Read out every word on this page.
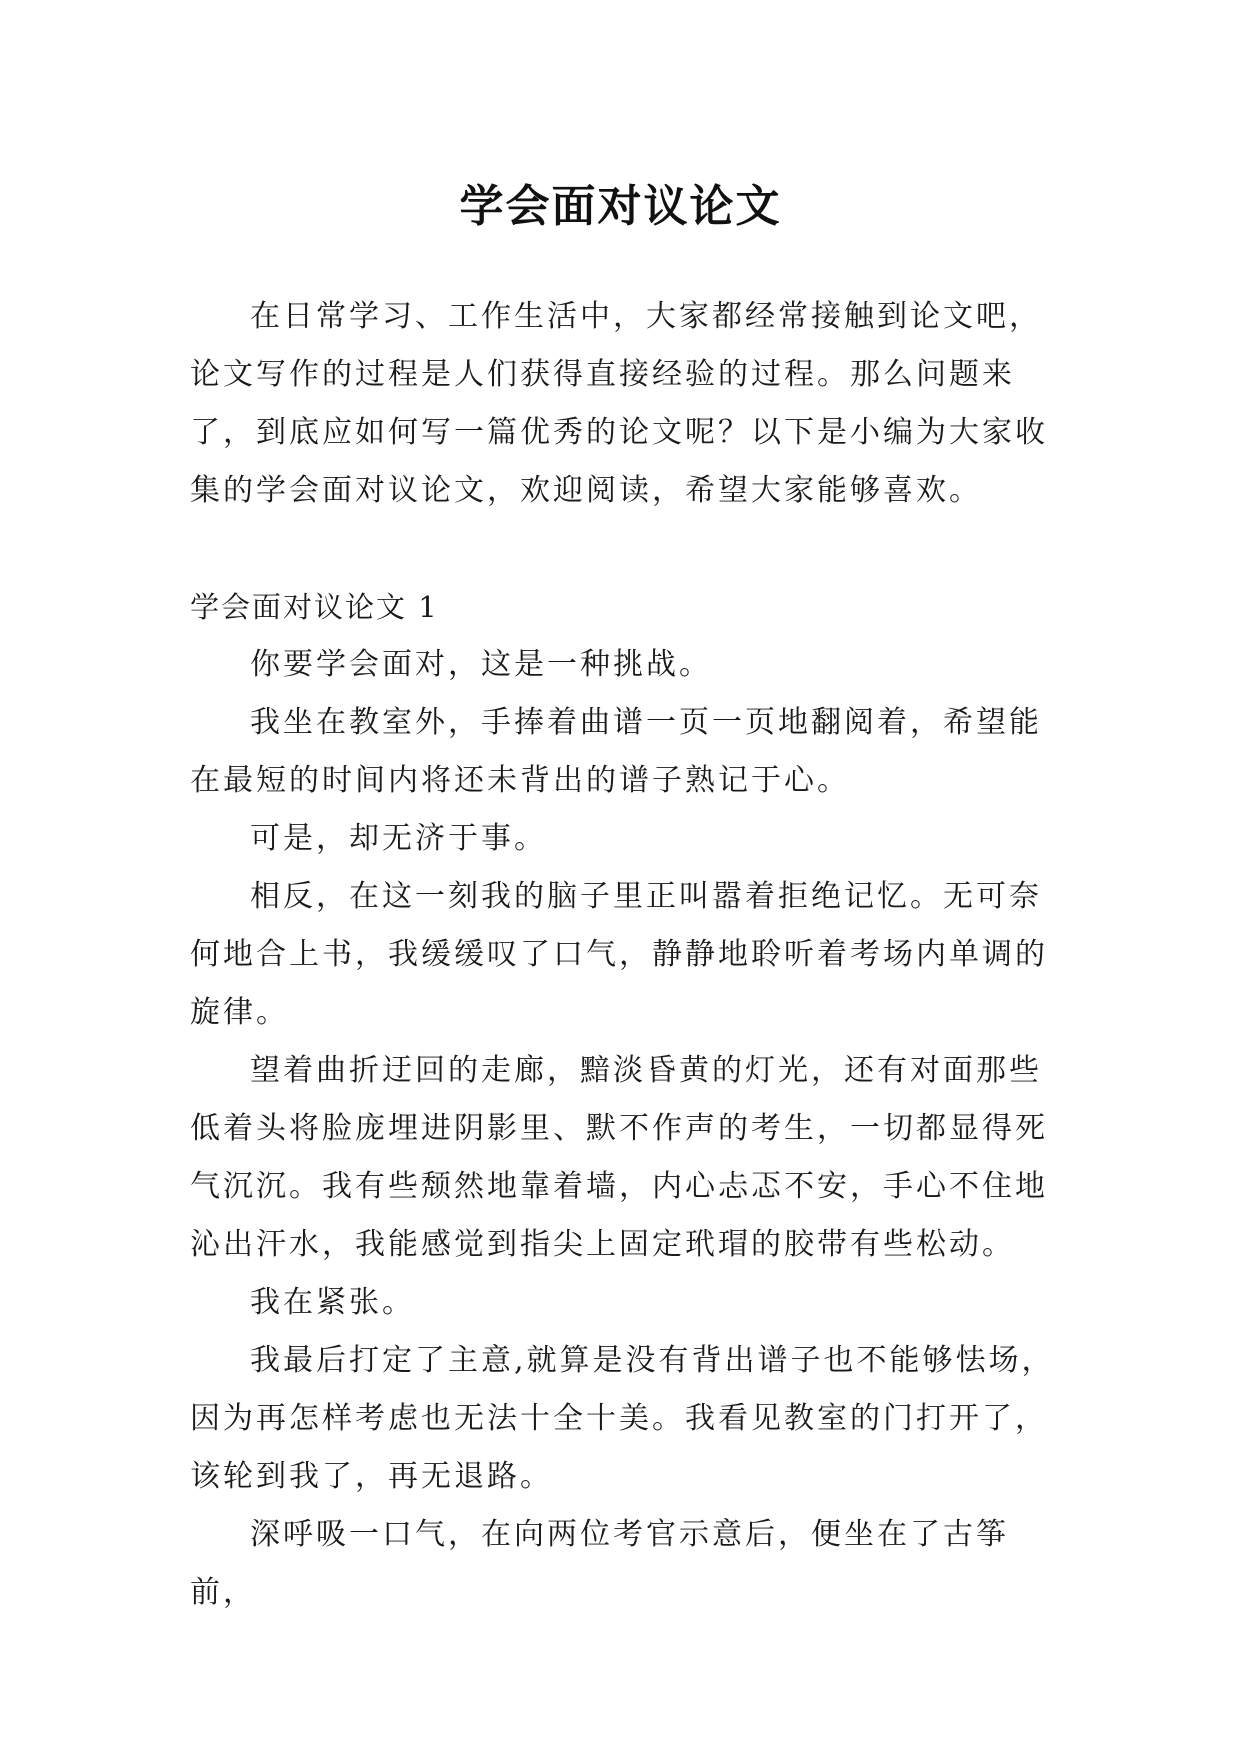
学会面对议论文

在日常学习、工作生活中，大家都经常接触到论文吧，论文写作的过程是人们获得直接经验的过程。那么问题来了，到底应如何写一篇优秀的论文呢？以下是小编为大家收集的学会面对议论文，欢迎阅读，希望大家能够喜欢。

学会面对议论文 1

你要学会面对，这是一种挑战。

我坐在教室外，手捧着曲谱一页一页地翻阅着，希望能在最短的时间内将还未背出的谱子熟记于心。

可是，却无济于事。

相反，在这一刻我的脑子里正叫嚣着拒绝记忆。无可奈何地合上书，我缓缓叹了口气，静静地聆听着考场内单调的旋律。

望着曲折迂回的走廊，黯淡昏黄的灯光，还有对面那些低着头将脸庞埋进阴影里、默不作声的考生，一切都显得死气沉沉。我有些颓然地靠着墙，内心忐忑不安，手心不住地沁出汗水，我能感觉到指尖上固定玳瑁的胶带有些松动。

我在紧张。

我最后打定了主意,就算是没有背出谱子也不能够怯场，因为再怎样考虑也无法十全十美。我看见教室的门打开了，该轮到我了，再无退路。

深呼吸一口气，在向两位考官示意后，便坐在了古筝前，
